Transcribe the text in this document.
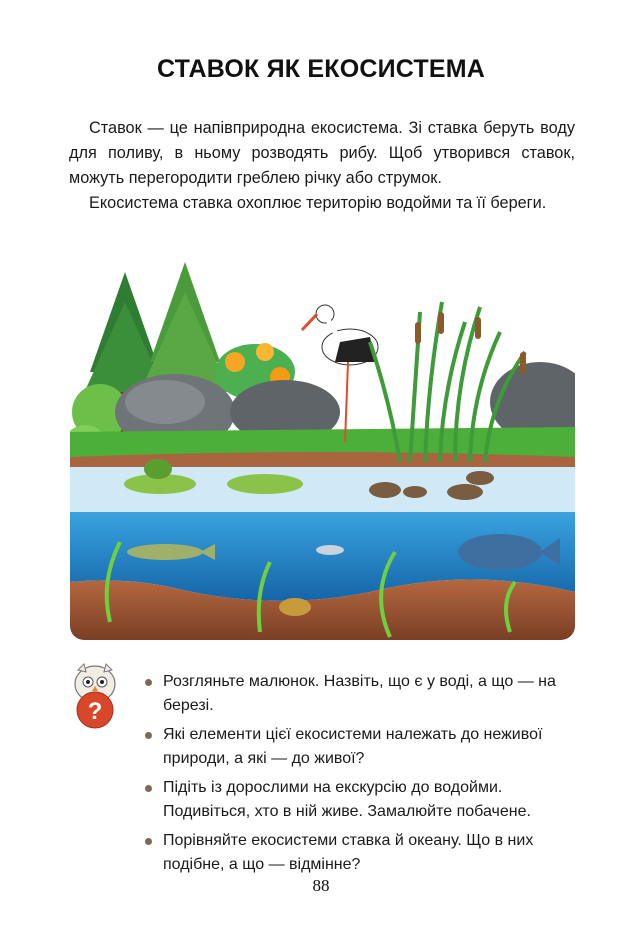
СТАВОК ЯК ЕКОСИСТЕМА
Ставок — це напівприродна екосистема. Зі ставка беруть воду для поливу, в ньому розводять рибу. Щоб утворився ставок, можуть перегородити греблею річку або струмок.
Екосистема ставка охоплює територію водойми та її береги.
?
Розгляньте малюнок. Назвіть, що є у воді, а що — на березі.
Які елементи цієї екосистеми належать до неживої природи, а які — до живої?
Підіть із дорослими на екскурсію до водойми. Подивіться, хто в ній живе. Замалюйте побачене.
Порівняйте екосистеми ставка й океану. Що в них подібне, а що — відмінне?
88
